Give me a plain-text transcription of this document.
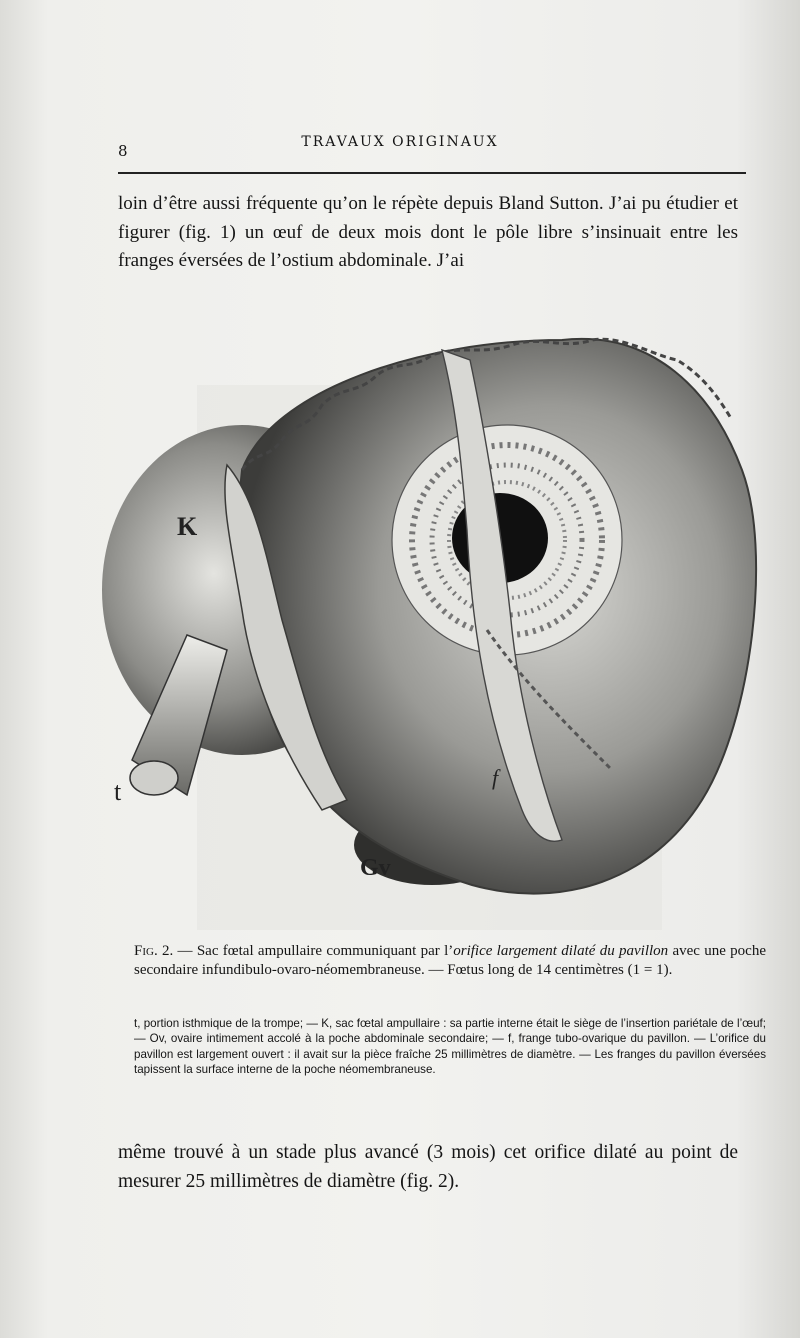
8	TRAVAUX ORIGINAUX
loin d’être aussi fréquente qu’on le répète depuis Bland Sutton. J’ai pu étudier et figurer (fig. 1) un œuf de deux mois dont le pôle libre s’insinuait entre les franges éversées de l’ostium abdominale. J’ai
K
t	f
Gv
Fig. 2. — Sac fœtal ampullaire communiquant par l’orifice largement dilaté du pavillon avec une poche secondaire infundibulo-ovaro-néomembraneuse. — Fœtus long de 14 centimètres (1 = 1).
t, portion isthmique de la trompe; — K, sac fœtal ampullaire : sa partie interne était le siège de l’insertion pariétale de l’œuf; — Ov, ovaire intimement accolé à la poche abdominale secondaire; — f, frange tubo-ovarique du pavillon. — L’orifice du pavillon est largement ouvert : il avait sur la pièce fraîche 25 millimètres de diamètre. — Les franges du pavillon éversées tapissent la surface interne de la poche néomembraneuse.
même trouvé à un stade plus avancé (3 mois) cet orifice dilaté au point de mesurer 25 millimètres de diamètre (fig. 2).
